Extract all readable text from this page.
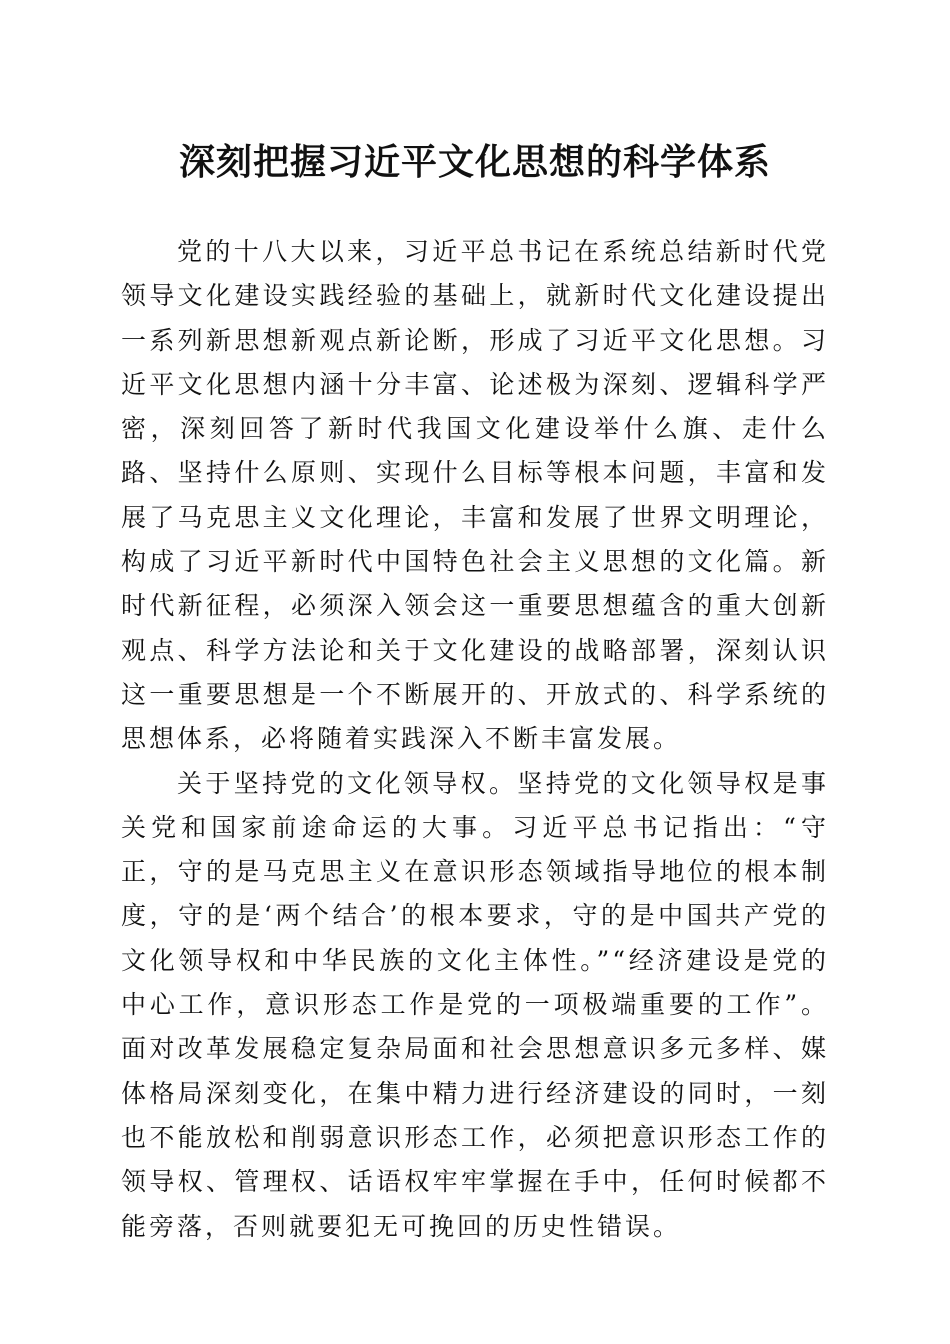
深刻把握习近平文化思想的科学体系

党的十八大以来，习近平总书记在系统总结新时代党领导文化建设实践经验的基础上，就新时代文化建设提出一系列新思想新观点新论断，形成了习近平文化思想。习近平文化思想内涵十分丰富、论述极为深刻、逻辑科学严密，深刻回答了新时代我国文化建设举什么旗、走什么路、坚持什么原则、实现什么目标等根本问题，丰富和发展了马克思主义文化理论，丰富和发展了世界文明理论，构成了习近平新时代中国特色社会主义思想的文化篇。新时代新征程，必须深入领会这一重要思想蕴含的重大创新观点、科学方法论和关于文化建设的战略部署，深刻认识这一重要思想是一个不断展开的、开放式的、科学系统的思想体系，必将随着实践深入不断丰富发展。

关于坚持党的文化领导权。坚持党的文化领导权是事关党和国家前途命运的大事。习近平总书记指出：“守正，守的是马克思主义在意识形态领域指导地位的根本制度，守的是‘两个结合’的根本要求，守的是中国共产党的文化领导权和中华民族的文化主体性。”“经济建设是党的中心工作，意识形态工作是党的一项极端重要的工作”。面对改革发展稳定复杂局面和社会思想意识多元多样、媒体格局深刻变化，在集中精力进行经济建设的同时，一刻也不能放松和削弱意识形态工作，必须把意识形态工作的领导权、管理权、话语权牢牢掌握在手中，任何时候都不能旁落，否则就要犯无可挽回的历史性错误。
